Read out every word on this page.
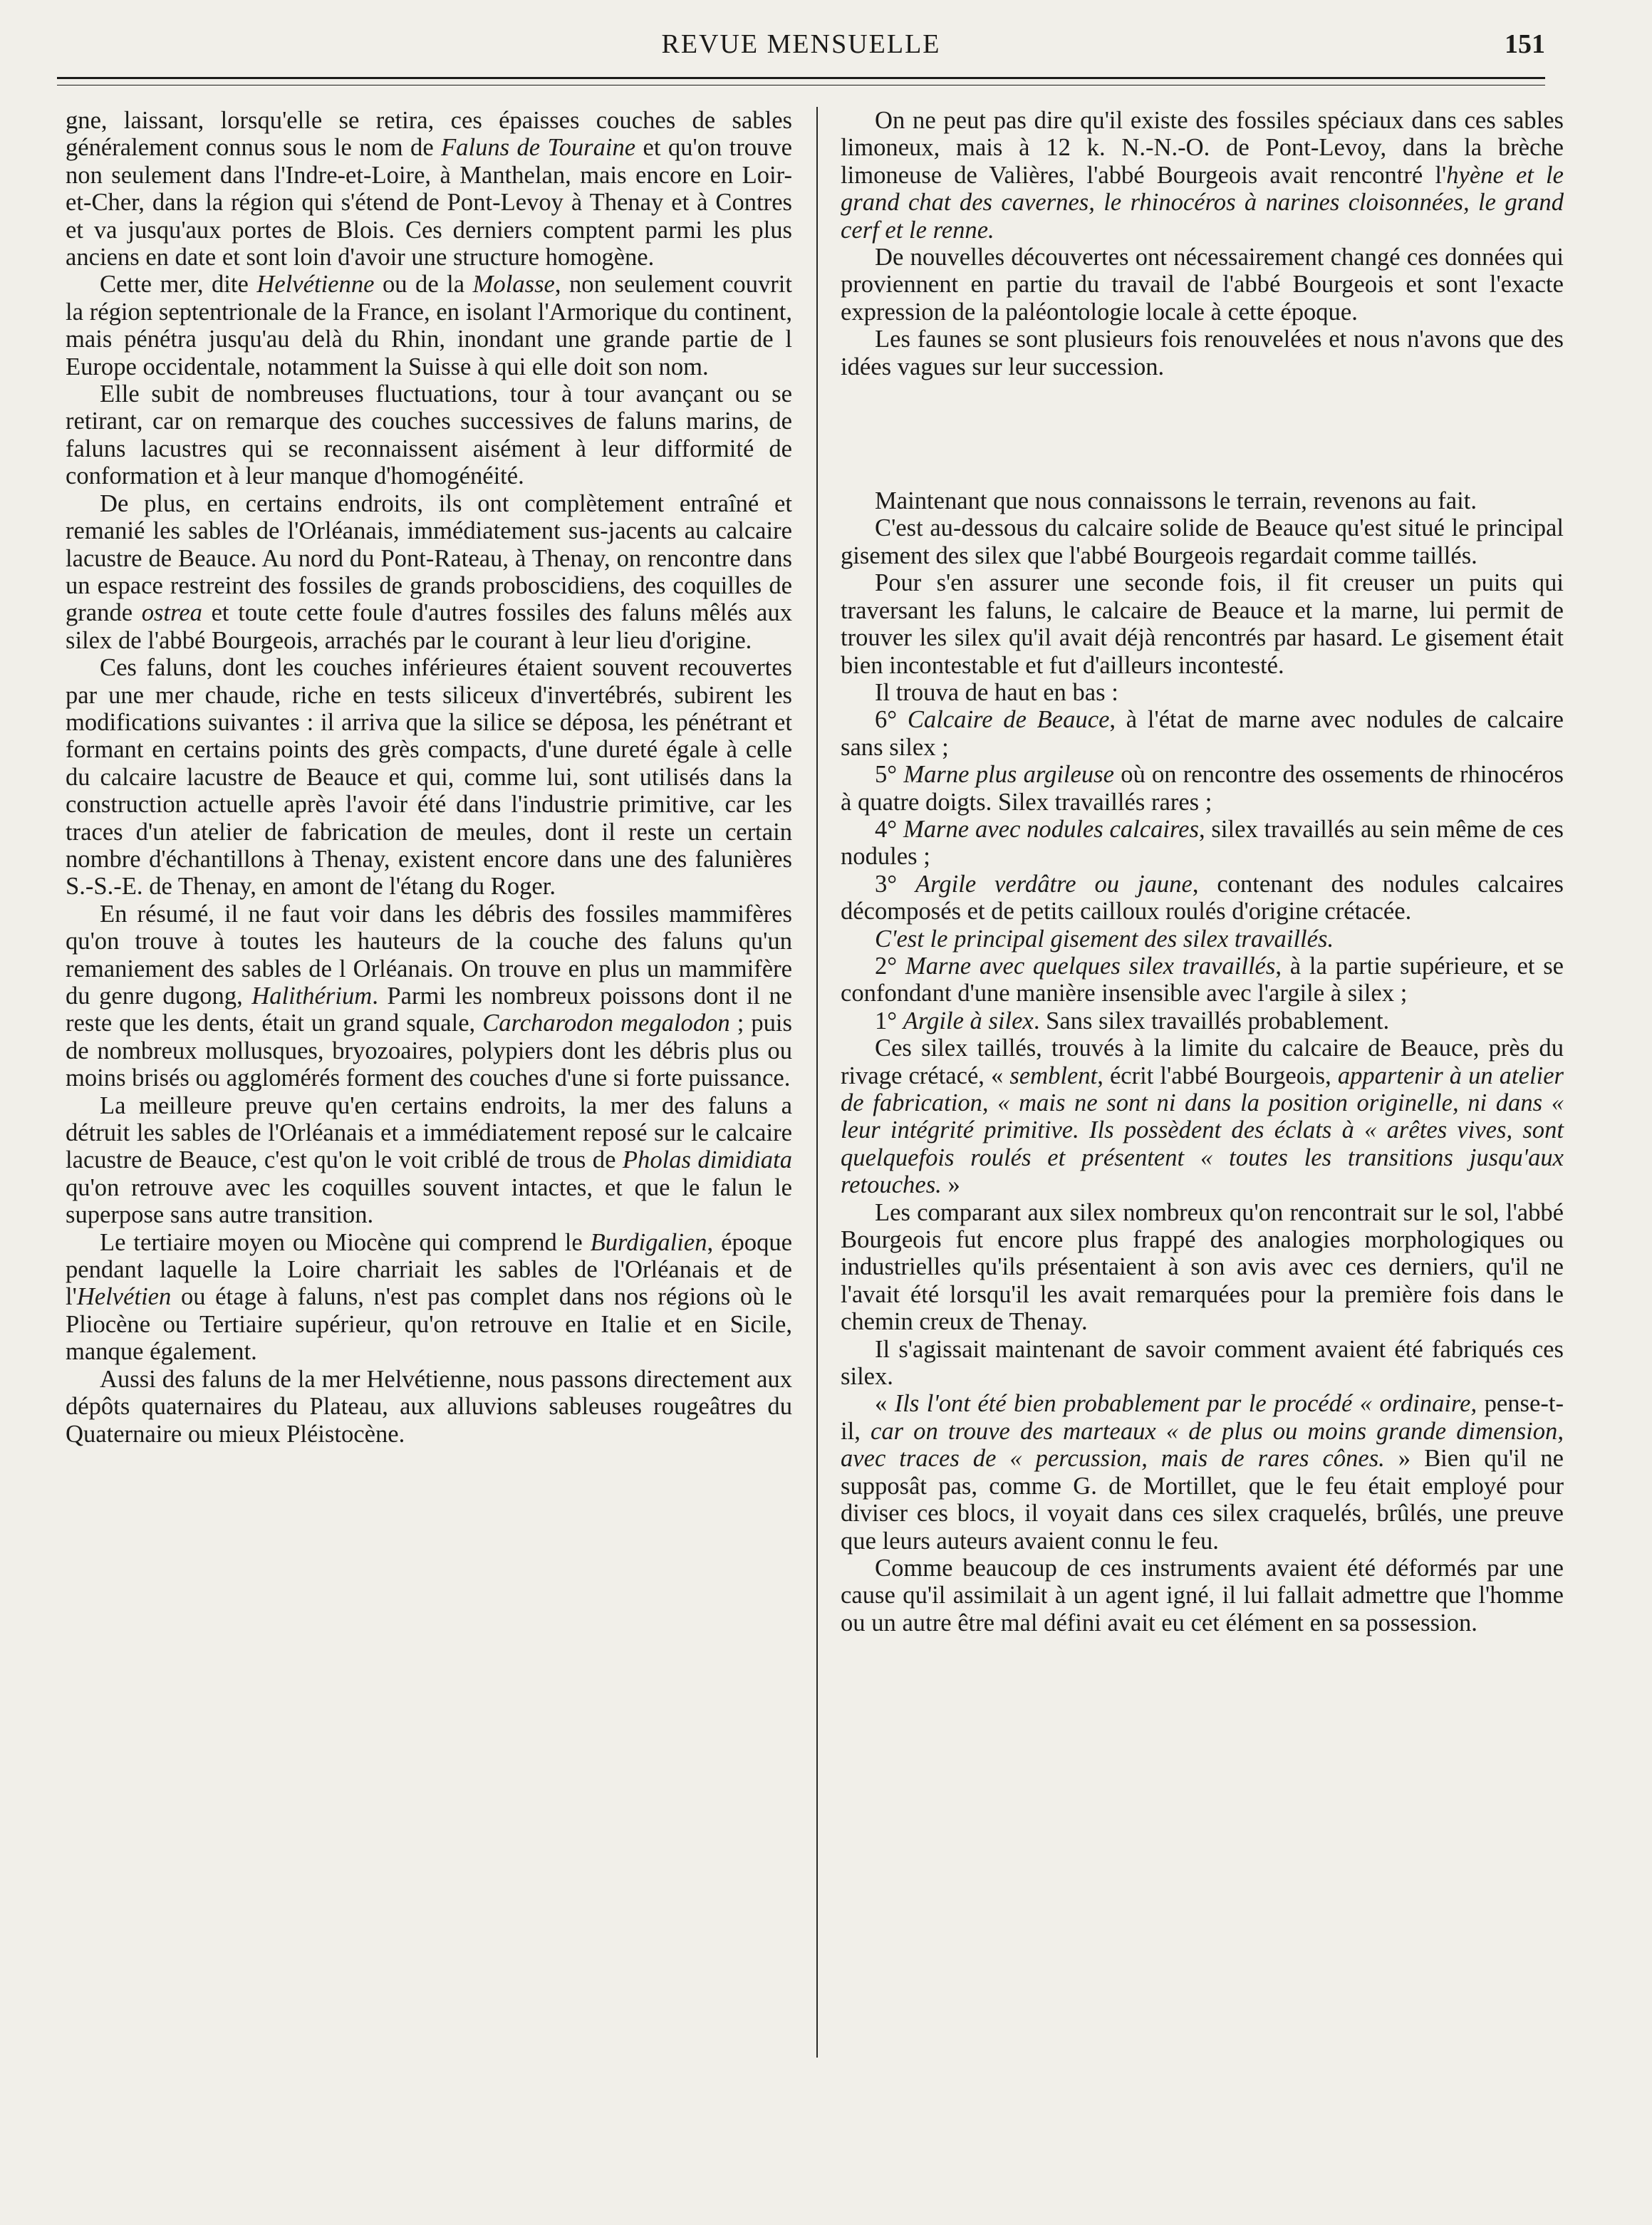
REVUE MENSUELLE	151

gne, laissant, lorsqu'elle se retira, ces épaisses couches de sables généralement connus sous le nom de Faluns de Touraine et qu'on trouve non seulement dans l'Indre-et-Loire, à Manthelan, mais encore en Loir-et-Cher, dans la région qui s'étend de Pont-Levoy à Thenay et à Contres et va jusqu'aux portes de Blois. Ces derniers comptent parmi les plus anciens en date et sont loin d'avoir une structure homogène.

Cette mer, dite Helvétienne ou de la Molasse, non seulement couvrit la région septentrionale de la France, en isolant l'Armorique du continent, mais pénétra jusqu'au delà du Rhin, inondant une grande partie de l Europe occidentale, notamment la Suisse à qui elle doit son nom.

Elle subit de nombreuses fluctuations, tour à tour avançant ou se retirant, car on remarque des couches successives de faluns marins, de faluns lacustres qui se reconnaissent aisément à leur difformité de conformation et à leur manque d'homogénéité.

De plus, en certains endroits, ils ont complètement entraîné et remanié les sables de l'Orléanais, immédiatement sus-jacents au calcaire lacustre de Beauce. Au nord du Pont-Rateau, à Thenay, on rencontre dans un espace restreint des fossiles de grands proboscidiens, des coquilles de grande ostrea et toute cette foule d'autres fossiles des faluns mêlés aux silex de l'abbé Bourgeois, arrachés par le courant à leur lieu d'origine.

Ces faluns, dont les couches inférieures étaient souvent recouvertes par une mer chaude, riche en tests siliceux d'invertébrés, subirent les modifications suivantes : il arriva que la silice se déposa, les pénétrant et formant en certains points des grès compacts, d'une dureté égale à celle du calcaire lacustre de Beauce et qui, comme lui, sont utilisés dans la construction actuelle après l'avoir été dans l'industrie primitive, car les traces d'un atelier de fabrication de meules, dont il reste un certain nombre d'échantillons à Thenay, existent encore dans une des falunières S.-S.-E. de Thenay, en amont de l'étang du Roger.

En résumé, il ne faut voir dans les débris des fossiles mammifères qu'on trouve à toutes les hauteurs de la couche des faluns qu'un remaniement des sables de l Orléanais. On trouve en plus un mammifère du genre dugong, Halithérium. Parmi les nombreux poissons dont il ne reste que les dents, était un grand squale, Carcharodon megalodon ; puis de nombreux mollusques, bryozoaires, polypiers dont les débris plus ou moins brisés ou agglomérés forment des couches d'une si forte puissance.

La meilleure preuve qu'en certains endroits, la mer des faluns a détruit les sables de l'Orléanais et a immédiatement reposé sur le calcaire lacustre de Beauce, c'est qu'on le voit criblé de trous de Pholas dimidiata qu'on retrouve avec les coquilles souvent intactes, et que le falun le superpose sans autre transition.

Le tertiaire moyen ou Miocène qui comprend le Burdigalien, époque pendant laquelle la Loire charriait les sables de l'Orléanais et de l'Helvétien ou étage à faluns, n'est pas complet dans nos régions où le Pliocène ou Tertiaire supérieur, qu'on retrouve en Italie et en Sicile, manque également.

Aussi des faluns de la mer Helvétienne, nous passons directement aux dépôts quaternaires du Plateau, aux alluvions sableuses rougeâtres du Quaternaire ou mieux Pléistocène.

On ne peut pas dire qu'il existe des fossiles spéciaux dans ces sables limoneux, mais à 12 k. N.-N.-O. de Pont-Levoy, dans la brèche limoneuse de Valières, l'abbé Bourgeois avait rencontré l'hyène et le grand chat des cavernes, le rhinocéros à narines cloisonnées, le grand cerf et le renne.

De nouvelles découvertes ont nécessairement changé ces données qui proviennent en partie du travail de l'abbé Bourgeois et sont l'exacte expression de la paléontologie locale à cette époque.

Les faunes se sont plusieurs fois renouvelées et nous n'avons que des idées vagues sur leur succession.

Maintenant que nous connaissons le terrain, revenons au fait.

C'est au-dessous du calcaire solide de Beauce qu'est situé le principal gisement des silex que l'abbé Bourgeois regardait comme taillés.

Pour s'en assurer une seconde fois, il fit creuser un puits qui traversant les faluns, le calcaire de Beauce et la marne, lui permit de trouver les silex qu'il avait déjà rencontrés par hasard. Le gisement était bien incontestable et fut d'ailleurs incontesté.

Il trouva de haut en bas :

6° Calcaire de Beauce, à l'état de marne avec nodules de calcaire sans silex ;

5° Marne plus argileuse où on rencontre des ossements de rhinocéros à quatre doigts. Silex travaillés rares ;

4° Marne avec nodules calcaires, silex travaillés au sein même de ces nodules ;

3° Argile verdâtre ou jaune, contenant des nodules calcaires décomposés et de petits cailloux roulés d'origine crétacée.

C'est le principal gisement des silex travaillés.

2° Marne avec quelques silex travaillés, à la partie supérieure, et se confondant d'une manière insensible avec l'argile à silex ;

1° Argile à silex. Sans silex travaillés probablement.

Ces silex taillés, trouvés à la limite du calcaire de Beauce, près du rivage crétacé, « semblent, écrit l'abbé Bourgeois, appartenir à un atelier de fabrication, « mais ne sont ni dans la position originelle, ni dans « leur intégrité primitive. Ils possèdent des éclats à « arêtes vives, sont quelquefois roulés et présentent « toutes les transitions jusqu'aux retouches. »

Les comparant aux silex nombreux qu'on rencontrait sur le sol, l'abbé Bourgeois fut encore plus frappé des analogies morphologiques ou industrielles qu'ils présentaient à son avis avec ces derniers, qu'il ne l'avait été lorsqu'il les avait remarquées pour la première fois dans le chemin creux de Thenay.

Il s'agissait maintenant de savoir comment avaient été fabriqués ces silex.

« Ils l'ont été bien probablement par le procédé « ordinaire, pense-t-il, car on trouve des marteaux « de plus ou moins grande dimension, avec traces de « percussion, mais de rares cônes. » Bien qu'il ne supposât pas, comme G. de Mortillet, que le feu était employé pour diviser ces blocs, il voyait dans ces silex craquelés, brûlés, une preuve que leurs auteurs avaient connu le feu.

Comme beaucoup de ces instruments avaient été déformés par une cause qu'il assimilait à un agent igné, il lui fallait admettre que l'homme ou un autre être mal défini avait eu cet élément en sa possession.
